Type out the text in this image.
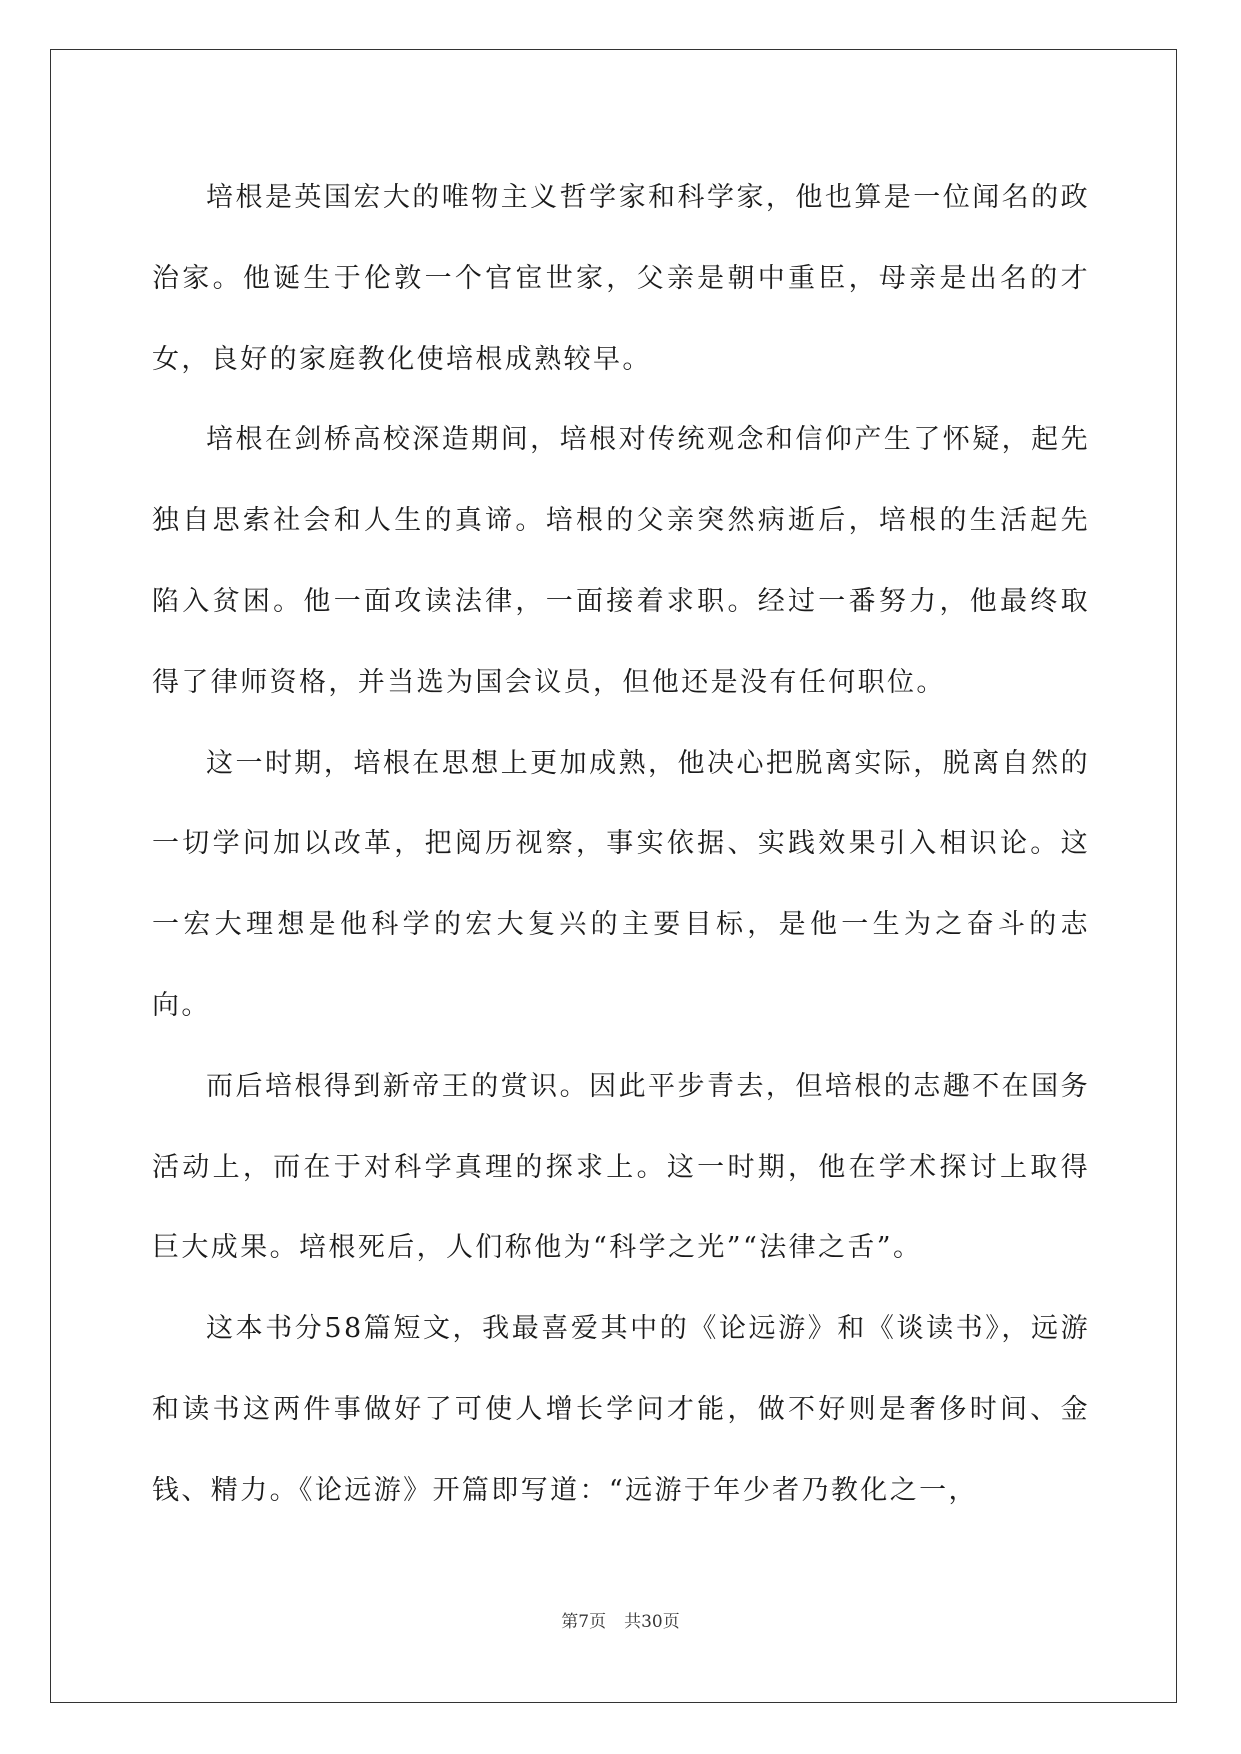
培根是英国宏大的唯物主义哲学家和科学家，他也算是一位闻名的政治家。他诞生于伦敦一个官宦世家，父亲是朝中重臣，母亲是出名的才女，良好的家庭教化使培根成熟较早。

培根在剑桥高校深造期间，培根对传统观念和信仰产生了怀疑，起先独自思索社会和人生的真谛。培根的父亲突然病逝后，培根的生活起先陷入贫困。他一面攻读法律，一面接着求职。经过一番努力，他最终取得了律师资格，并当选为国会议员，但他还是没有任何职位。

这一时期，培根在思想上更加成熟，他决心把脱离实际，脱离自然的一切学问加以改革，把阅历视察，事实依据、实践效果引入相识论。这一宏大理想是他科学的宏大复兴的主要目标，是他一生为之奋斗的志向。

而后培根得到新帝王的赏识。因此平步青去，但培根的志趣不在国务活动上，而在于对科学真理的探求上。这一时期，他在学术探讨上取得巨大成果。培根死后，人们称他为“科学之光”“法律之舌”。

这本书分58篇短文，我最喜爱其中的《论远游》和《谈读书》，远游和读书这两件事做好了可使人增长学问才能，做不好则是奢侈时间、金钱、精力。《论远游》开篇即写道：“远游于年少者乃教化之一，

第7页 共30页
